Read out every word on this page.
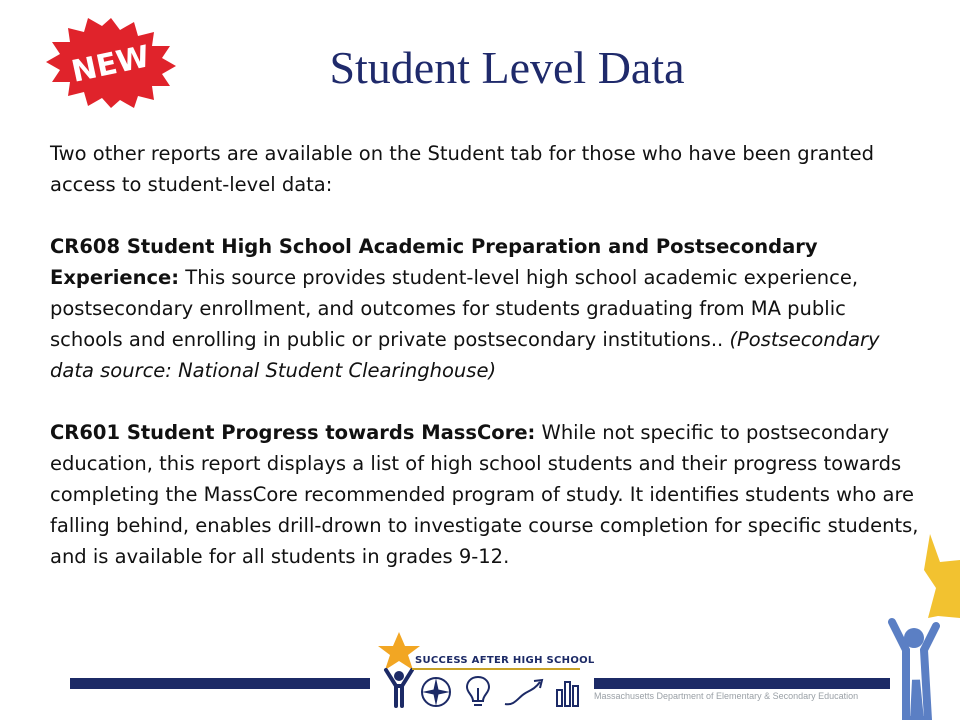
NEW	Student Level Data

Two other reports are available on the Student tab for those who have been granted access to student-level data:

CR608 Student High School Academic Preparation and Postsecondary Experience: This source provides student-level high school academic experience, postsecondary enrollment, and outcomes for students graduating from MA public schools and enrolling in public or private postsecondary institutions.. (Postsecondary data source: National Student Clearinghouse)

CR601 Student Progress towards MassCore: While not specific to postsecondary education, this report displays a list of high school students and their progress towards completing the MassCore recommended program of study. It identifies students who are falling behind, enables drill-drown to investigate course completion for specific students, and is available for all students in grades 9-12.

SUCCESS AFTER HIGH SCHOOL
Massachusetts Department of Elementary & Secondary Education
